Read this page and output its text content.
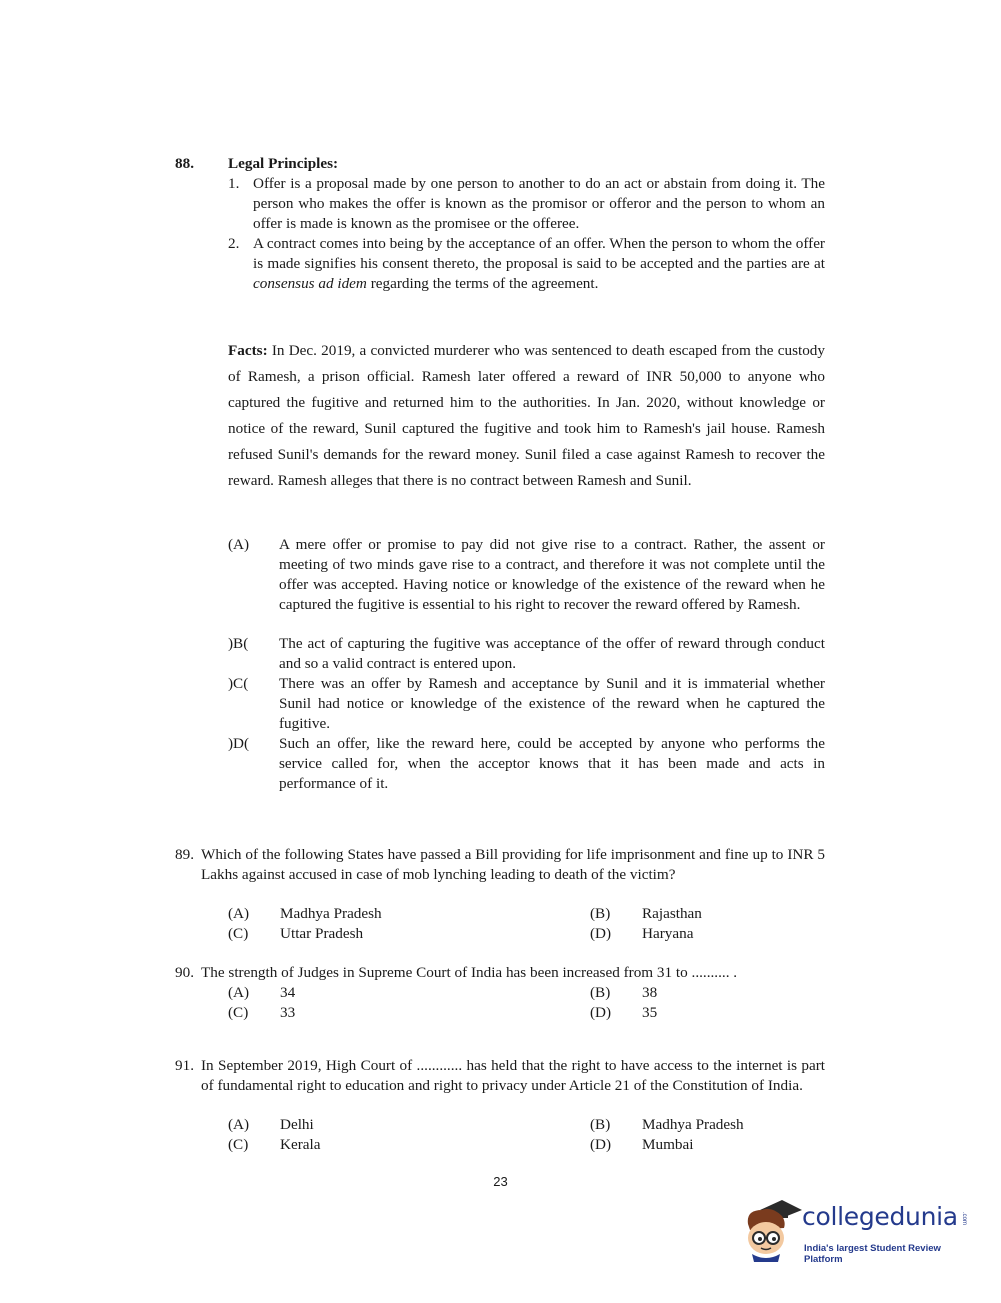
88. Legal Principles:
1. Offer is a proposal made by one person to another to do an act or abstain from doing it. The person who makes the offer is known as the promisor or offeror and the person to whom an offer is made is known as the promisee or the offeree.
2. A contract comes into being by the acceptance of an offer. When the person to whom the offer is made signifies his consent thereto, the proposal is said to be accepted and the parties are at consensus ad idem regarding the terms of the agreement.
Facts: In Dec. 2019, a convicted murderer who was sentenced to death escaped from the custody of Ramesh, a prison official. Ramesh later offered a reward of INR 50,000 to anyone who captured the fugitive and returned him to the authorities. In Jan. 2020, without knowledge or notice of the reward, Sunil captured the fugitive and took him to Ramesh's jail house. Ramesh refused Sunil's demands for the reward money. Sunil filed a case against Ramesh to recover the reward. Ramesh alleges that there is no contract between Ramesh and Sunil.
(A) A mere offer or promise to pay did not give rise to a contract. Rather, the assent or meeting of two minds gave rise to a contract, and therefore it was not complete until the offer was accepted. Having notice or knowledge of the existence of the reward when he captured the fugitive is essential to his right to recover the reward offered by Ramesh.
)B( The act of capturing the fugitive was acceptance of the offer of reward through conduct and so a valid contract is entered upon.
)C( There was an offer by Ramesh and acceptance by Sunil and it is immaterial whether Sunil had notice or knowledge of the existence of the reward when he captured the fugitive.
)D( Such an offer, like the reward here, could be accepted by anyone who performs the service called for, when the acceptor knows that it has been made and acts in performance of it.
89. Which of the following States have passed a Bill providing for life imprisonment and fine up to INR 5 Lakhs against accused in case of mob lynching leading to death of the victim?
(A) Madhya Pradesh	(B) Rajasthan
(C) Uttar Pradesh	(D) Haryana
90. The strength of Judges in Supreme Court of India has been increased from 31 to .......... .
(A) 34	(B) 38
(C) 33	(D) 35
91. In September 2019, High Court of ............ has held that the right to have access to the internet is part of fundamental right to education and right to privacy under Article 21 of the Constitution of India.
(A) Delhi	(B) Madhya Pradesh
(C) Kerala	(D) Mumbai
23
collegedunia .com
India's largest Student Review Platform
